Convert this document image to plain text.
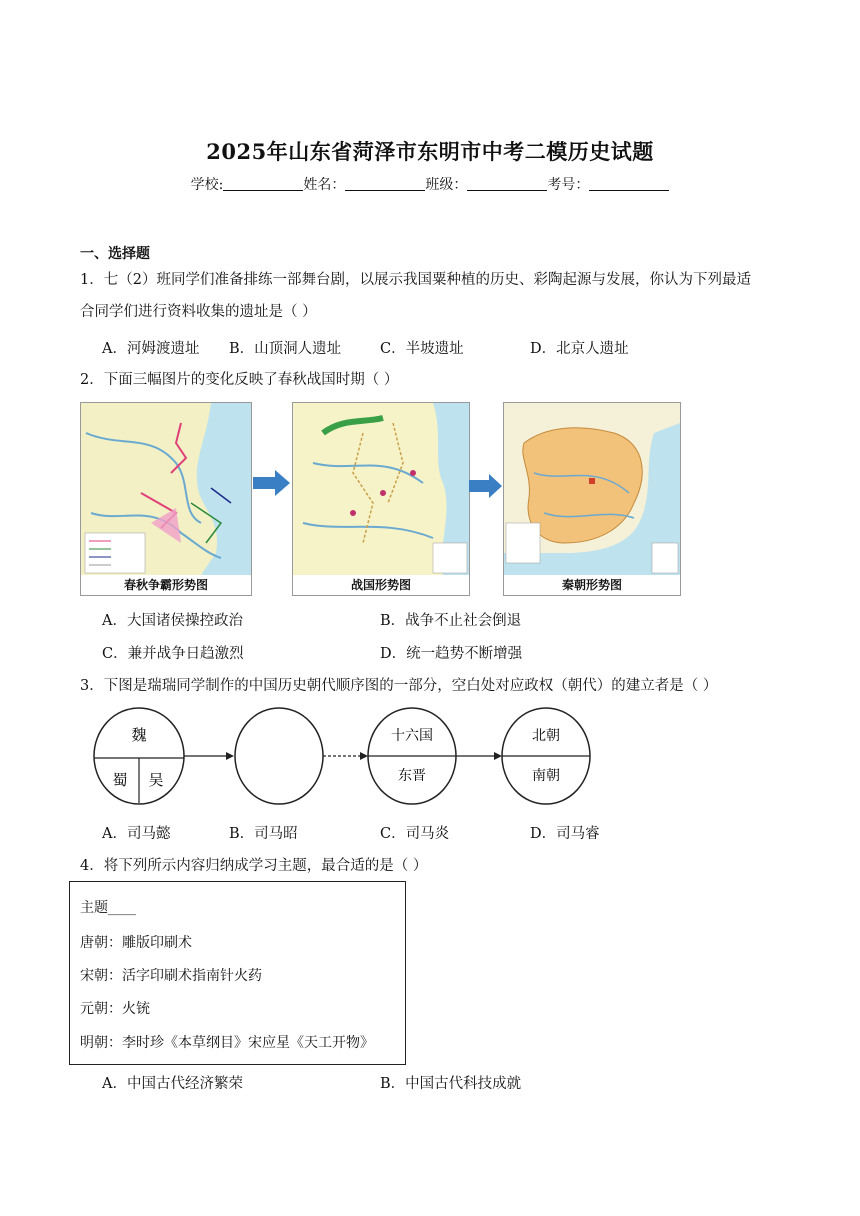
2025年山东省菏泽市东明市中考二模历史试题
学校:	姓名：	班级：	考号：
一、选择题
1．七（2）班同学们准备排练一部舞台剧，以展示我国粟种植的历史、彩陶起源与发展，你认为下列最适
合同学们进行资料收集的遗址是（ ）
A．河姆渡遗址 B．山顶洞人遗址	C．半坡遗址	D．北京人遗址
2．下面三幅图片的变化反映了春秋战国时期（ ）
春秋争霸形势图	战国形势图	秦朝形势图
A．大国诸侯操控政治	B．战争不止社会倒退
C．兼并战争日趋激烈	D．统一趋势不断增强
3．下图是瑞瑞同学制作的中国历史朝代顺序图的一部分，空白处对应政权（朝代）的建立者是（ ）
魏
蜀 吴
十六国
东晋
北朝
南朝
A．司马懿	B．司马昭	C．司马炎	D．司马睿
4．将下列所示内容归纳成学习主题，最合适的是（ ）
主题____
唐朝：雕版印刷术
宋朝：活字印刷术指南针火药
元朝：火铳
明朝：李时珍《本草纲目》宋应星《天工开物》
A．中国古代经济繁荣	B．中国古代科技成就
